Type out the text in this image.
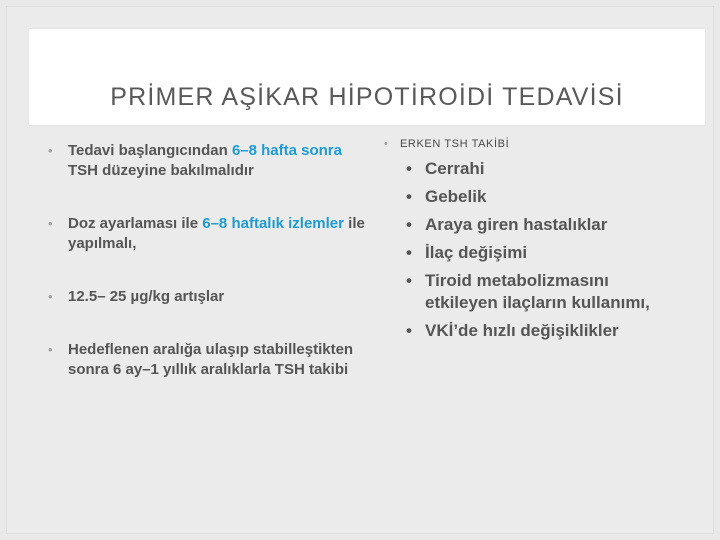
PRİMER AŞİKAR HİPOTİROİDİ TEDAVİSİ
• Tedavi başlangıcından 6–8 hafta sonra TSH düzeyine bakılmalıdır
• Doz ayarlaması ile 6–8 haftalık izlemler ile yapılmalı,
• 12.5– 25 µg/kg artışlar
• Hedeflenen aralığa ulaşıp stabilleştikten sonra 6 ay–1 yıllık aralıklarla TSH takibi
• ERKEN TSH TAKİBİ
• Cerrahi
• Gebelik
• Araya giren hastalıklar
• İlaç değişimi
• Tiroid metabolizmasını etkileyen ilaçların kullanımı,
• VKİ’de hızlı değişiklikler
